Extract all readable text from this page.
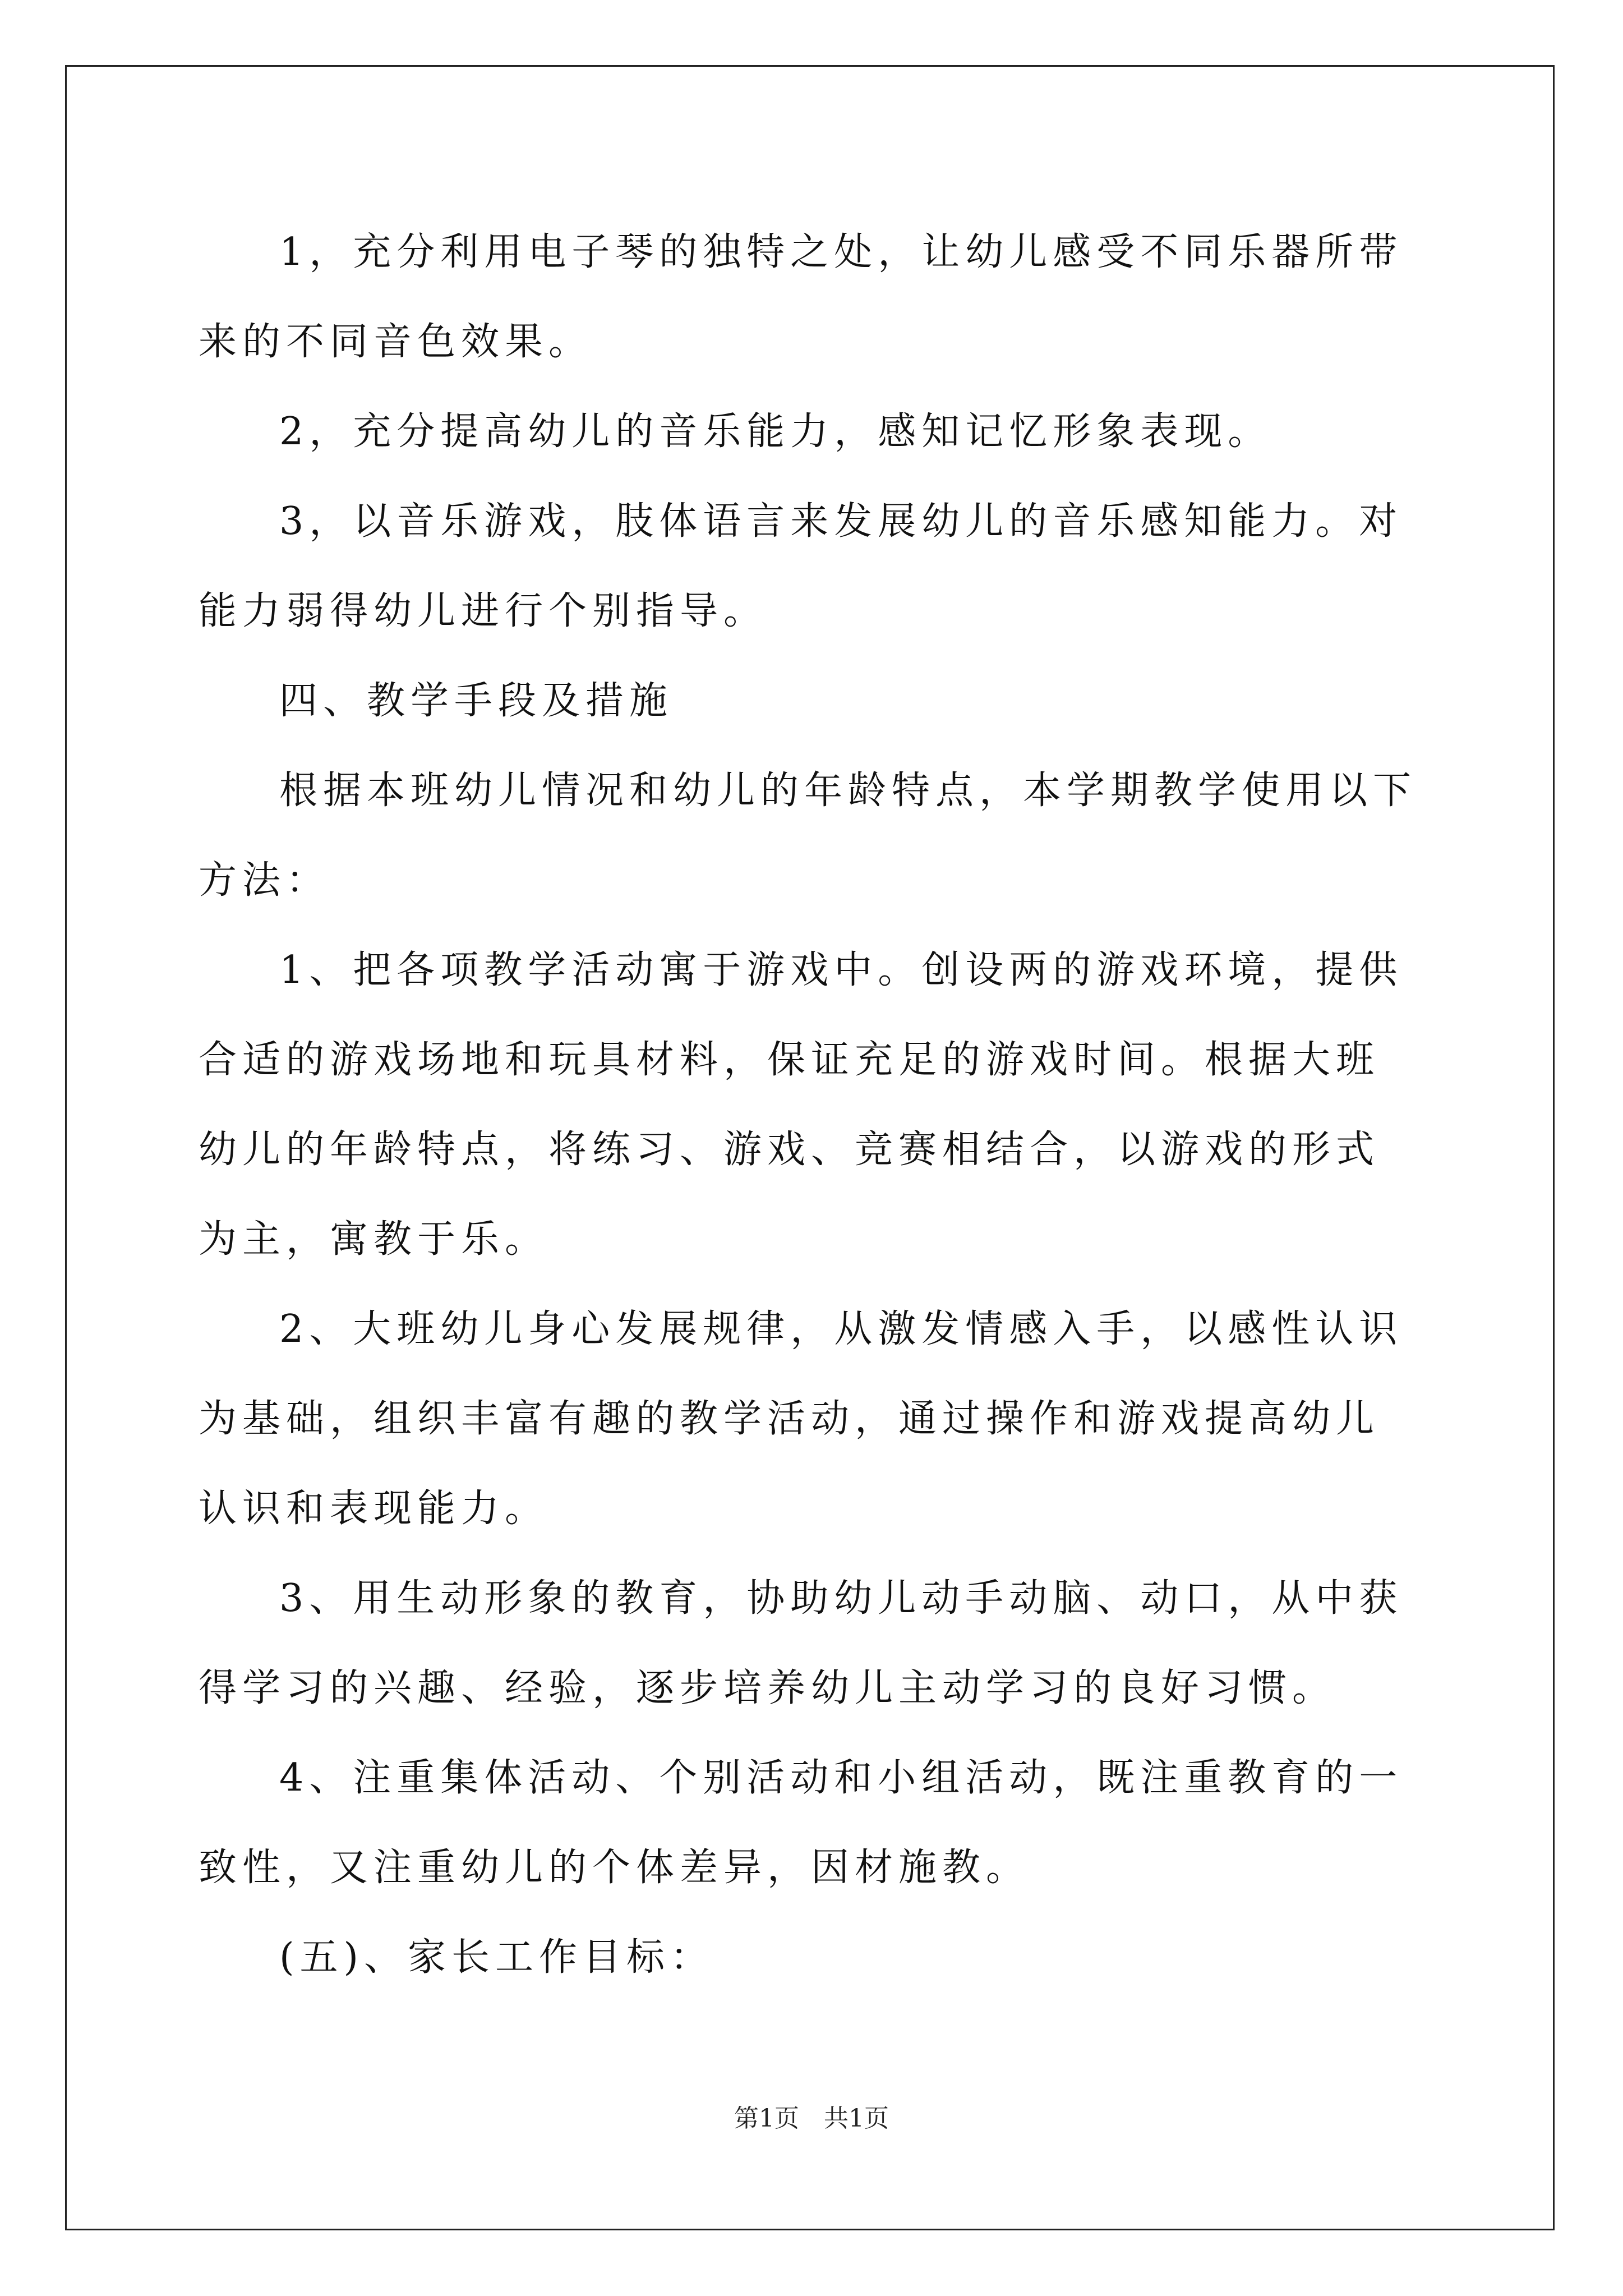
1，充分利用电子琴的独特之处，让幼儿感受不同乐器所带来的不同音色效果。

2，充分提高幼儿的音乐能力，感知记忆形象表现。

3，以音乐游戏，肢体语言来发展幼儿的音乐感知能力。对能力弱得幼儿进行个别指导。

四、教学手段及措施

根据本班幼儿情况和幼儿的年龄特点，本学期教学使用以下方法：

1、把各项教学活动寓于游戏中。创设两的游戏环境，提供合适的游戏场地和玩具材料，保证充足的游戏时间。根据大班幼儿的年龄特点，将练习、游戏、竞赛相结合，以游戏的形式为主，寓教于乐。

2、大班幼儿身心发展规律，从激发情感入手，以感性认识为基础，组织丰富有趣的教学活动，通过操作和游戏提高幼儿认识和表现能力。

3、用生动形象的教育，协助幼儿动手动脑、动口，从中获得学习的兴趣、经验，逐步培养幼儿主动学习的良好习惯。

4、注重集体活动、个别活动和小组活动，既注重教育的一致性，又注重幼儿的个体差异，因材施教。

(五)、家长工作目标：

第1页　共1页
